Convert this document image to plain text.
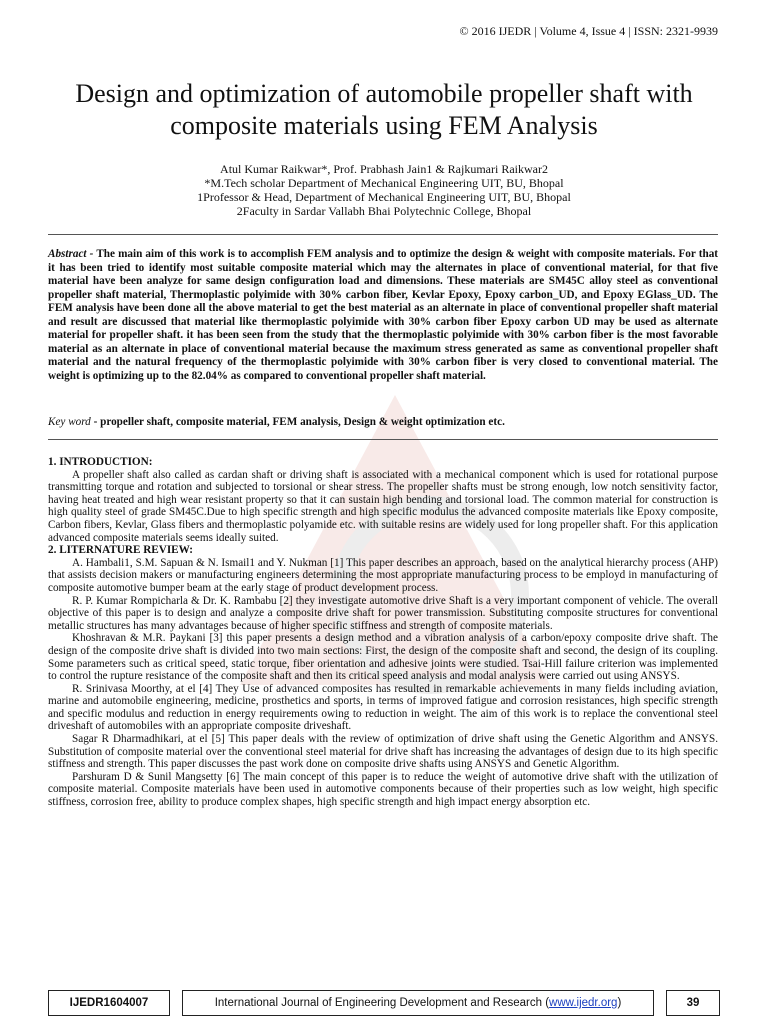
© 2016 IJEDR | Volume 4, Issue 4 | ISSN: 2321-9939
Design and optimization of automobile propeller shaft with composite materials using FEM Analysis
Atul Kumar Raikwar*, Prof. Prabhash Jain1 & Rajkumari Raikwar2
*M.Tech scholar Department of Mechanical Engineering UIT, BU, Bhopal
1Professor & Head, Department of Mechanical Engineering UIT, BU, Bhopal
2Faculty in Sardar Vallabh Bhai Polytechnic College, Bhopal
Abstract - The main aim of this work is to accomplish FEM analysis and to optimize the design & weight with composite materials. For that it has been tried to identify most suitable composite material which may the alternates in place of conventional material, for that five material have been analyze for same design configuration load and dimensions. These materials are SM45C alloy steel as conventional propeller shaft material, Thermoplastic polyimide with 30% carbon fiber, Kevlar Epoxy, Epoxy carbon_UD, and Epoxy EGlass_UD. The FEM analysis have been done all the above material to get the best material as an alternate in place of conventional propeller shaft material and result are discussed that material like thermoplastic polyimide with 30% carbon fiber Epoxy carbon UD may be used as alternate material for propeller shaft. it has been seen from the study that the thermoplastic polyimide with 30% carbon fiber is the most favorable material as an alternate in place of conventional material because the maximum stress generated as same as conventional propeller shaft material and the natural frequency of the thermoplastic polyimide with 30% carbon fiber is very closed to conventional material. The weight is optimizing up to the 82.04% as compared to conventional propeller shaft material.
Key word - propeller shaft, composite material, FEM analysis, Design & weight optimization etc.
1. INTRODUCTION:

A propeller shaft also called as cardan shaft or driving shaft is associated with a mechanical component which is used for rotational purpose transmitting torque and rotation and subjected to torsional or shear stress. The propeller shafts must be strong enough, low notch sensitivity factor, having heat treated and high wear resistant property so that it can sustain high bending and torsional load. The common material for construction is high quality steel of grade SM45C.Due to high specific strength and high specific modulus the advanced composite materials like Epoxy composite, Carbon fibers, Kevlar, Glass fibers and thermoplastic polyamide etc. with suitable resins are widely used for long propeller shaft. For this application advanced composite materials seems ideally suited.

2. LITERNATURE REVIEW:

A. Hambali1, S.M. Sapuan & N. Ismail1 and Y. Nukman [1] This paper describes an approach, based on the analytical hierarchy process (AHP) that assists decision makers or manufacturing engineers determining the most appropriate manufacturing process to be employd in manufacturing of composite automotive bumper beam at the early stage of product development process.

R. P. Kumar Rompicharla & Dr. K. Rambabu [2] they investigate automotive drive Shaft is a very important component of vehicle. The overall objective of this paper is to design and analyze a composite drive shaft for power transmission. Substituting composite structures for conventional metallic structures has many advantages because of higher specific stiffness and strength of composite materials.

Khoshravan & M.R. Paykani [3] this paper presents a design method and a vibration analysis of a carbon/epoxy composite drive shaft. The design of the composite drive shaft is divided into two main sections: First, the design of the composite shaft and second, the design of its coupling. Some parameters such as critical speed, static torque, fiber orientation and adhesive joints were studied. Tsai-Hill failure criterion was implemented to control the rupture resistance of the composite shaft and then its critical speed analysis and modal analysis were carried out using ANSYS.

R. Srinivasa Moorthy, at el [4] They Use of advanced composites has resulted in remarkable achievements in many fields including aviation, marine and automobile engineering, medicine, prosthetics and sports, in terms of improved fatigue and corrosion resistances, high specific strength and specific modulus and reduction in energy requirements owing to reduction in weight. The aim of this work is to replace the conventional steel driveshaft of automobiles with an appropriate composite driveshaft.

Sagar R Dharmadhikari, at el [5] This paper deals with the review of optimization of drive shaft using the Genetic Algorithm and ANSYS. Substitution of composite material over the conventional steel material for drive shaft has increasing the advantages of design due to its high specific stiffness and strength. This paper discusses the past work done on composite drive shafts using ANSYS and Genetic Algorithm.

Parshuram D & Sunil Mangsetty [6] The main concept of this paper is to reduce the weight of automotive drive shaft with the utilization of composite material. Composite materials have been used in automotive components because of their properties such as low weight, high specific stiffness, corrosion free, ability to produce complex shapes, high specific strength and high impact energy absorption etc.

IJEDR1604007	International Journal of Engineering Development and Research (www.ijedr.org)	39
